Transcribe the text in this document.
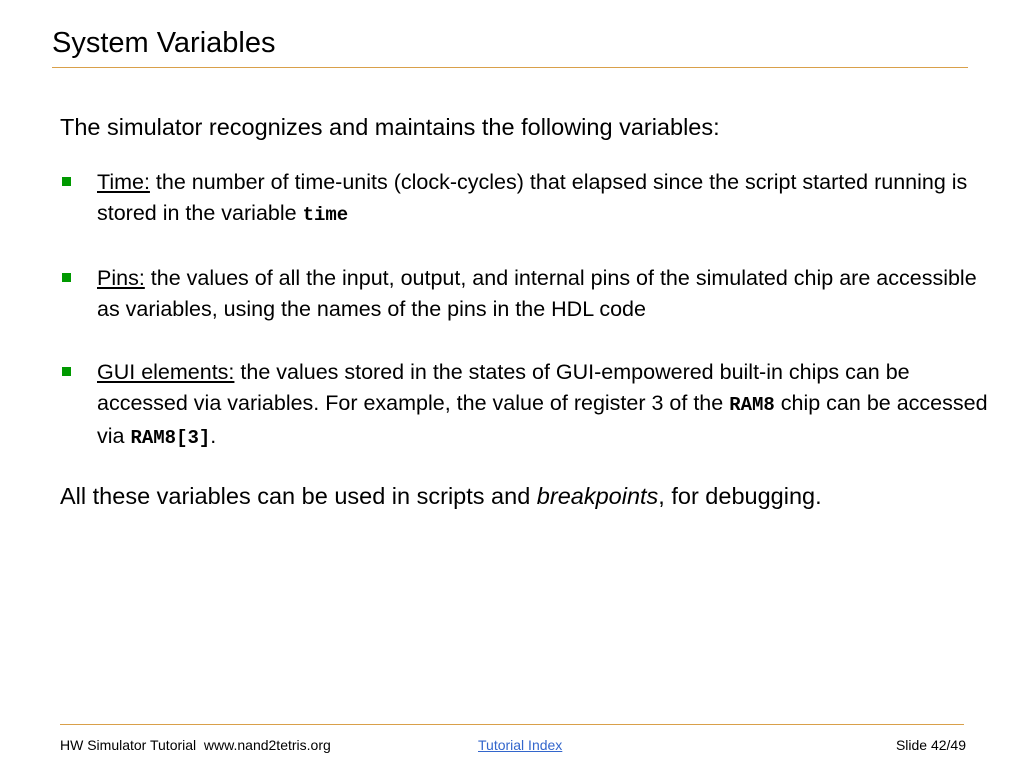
System Variables

The simulator recognizes and maintains the following variables:

Time: the number of time-units (clock-cycles) that elapsed since the script started running is stored in the variable time
Pins: the values of all the input, output, and internal pins of the simulated chip are accessible as variables, using the names of the pins in the HDL code
GUI elements: the values stored in the states of GUI-empowered built-in chips can be accessed via variables. For example, the value of register 3 of the RAM8 chip can be accessed via RAM8[3].

All these variables can be used in scripts and breakpoints, for debugging.

HW Simulator Tutorial  www.nand2tetris.org	Tutorial Index	Slide 42/49
